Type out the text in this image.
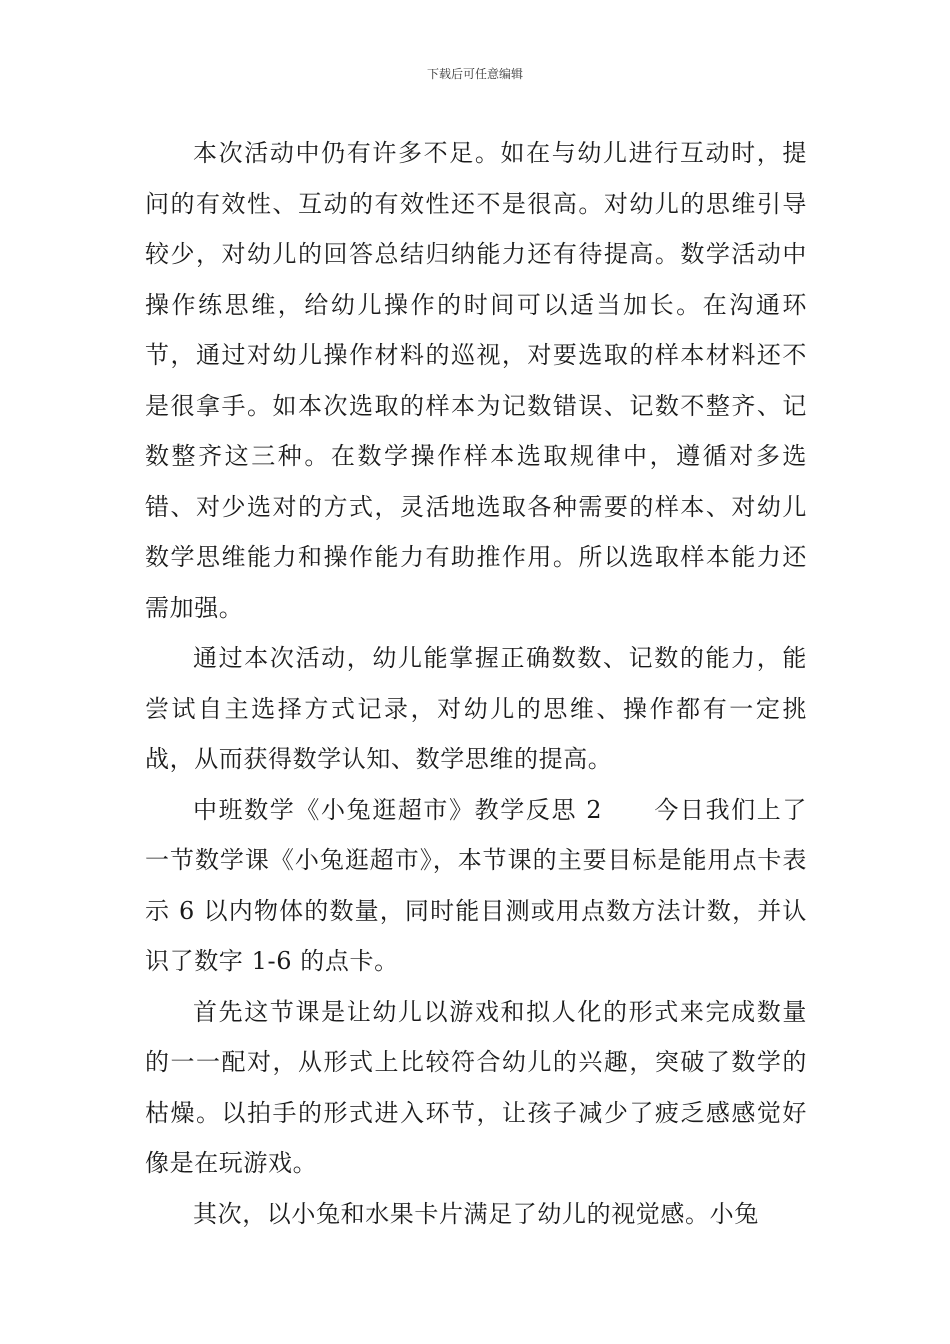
下载后可任意编辑

本次活动中仍有许多不足。如在与幼儿进行互动时，提问的有效性、互动的有效性还不是很高。对幼儿的思维引导较少，对幼儿的回答总结归纳能力还有待提高。数学活动中操作练思维，给幼儿操作的时间可以适当加长。在沟通环节，通过对幼儿操作材料的巡视，对要选取的样本材料还不是很拿手。如本次选取的样本为记数错误、记数不整齐、记数整齐这三种。在数学操作样本选取规律中，遵循对多选错、对少选对的方式，灵活地选取各种需要的样本、对幼儿数学思维能力和操作能力有助推作用。所以选取样本能力还需加强。

通过本次活动，幼儿能掌握正确数数、记数的能力，能尝试自主选择方式记录，对幼儿的思维、操作都有一定挑战，从而获得数学认知、数学思维的提高。

中班数学《小兔逛超市》教学反思 2　　今日我们上了一节数学课《小兔逛超市》，本节课的主要目标是能用点卡表示 6 以内物体的数量，同时能目测或用点数方法计数，并认识了数字 1-6 的点卡。

首先这节课是让幼儿以游戏和拟人化的形式来完成数量的一一配对，从形式上比较符合幼儿的兴趣，突破了数学的枯燥。以拍手的形式进入环节，让孩子减少了疲乏感感觉好像是在玩游戏。

其次，以小兔和水果卡片满足了幼儿的视觉感。小兔
